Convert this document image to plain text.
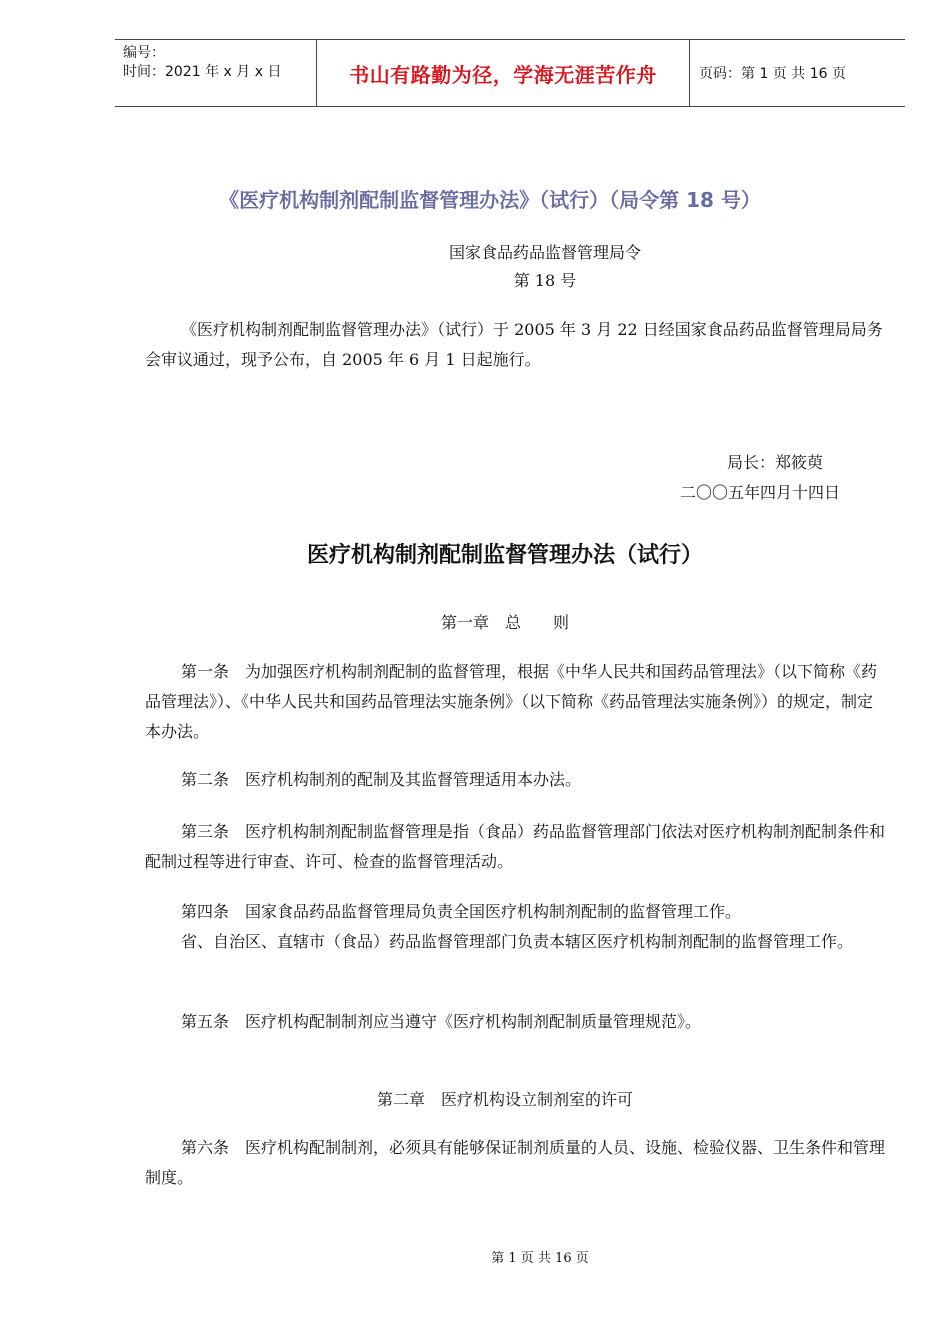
编号：
时间：2021 年 x 月 x 日	书山有路勤为径，学海无涯苦作舟	页码：第 1 页 共 16 页
《医疗机构制剂配制监督管理办法》（试行）（局令第 18 号）
国家食品药品监督管理局令
第 18 号
《医疗机构制剂配制监督管理办法》（试行）于 2005 年 3 月 22 日经国家食品药品监督管理局局务会审议通过，现予公布，自 2005 年 6 月 1 日起施行。
局长：郑筱萸
二〇〇五年四月十四日
医疗机构制剂配制监督管理办法（试行）
第一章　总　　则
第一条　为加强医疗机构制剂配制的监督管理，根据《中华人民共和国药品管理法》（以下简称《药品管理法》）、《中华人民共和国药品管理法实施条例》（以下简称《药品管理法实施条例》）的规定，制定本办法。
第二条　医疗机构制剂的配制及其监督管理适用本办法。
第三条　医疗机构制剂配制监督管理是指（食品）药品监督管理部门依法对医疗机构制剂配制条件和配制过程等进行审查、许可、检查的监督管理活动。
第四条　国家食品药品监督管理局负责全国医疗机构制剂配制的监督管理工作。
省、自治区、直辖市（食品）药品监督管理部门负责本辖区医疗机构制剂配制的监督管理工作。
第五条　医疗机构配制制剂应当遵守《医疗机构制剂配制质量管理规范》。
第二章　医疗机构设立制剂室的许可
第六条　医疗机构配制制剂，必须具有能够保证制剂质量的人员、设施、检验仪器、卫生条件和管理制度。
第 1 页 共 16 页
